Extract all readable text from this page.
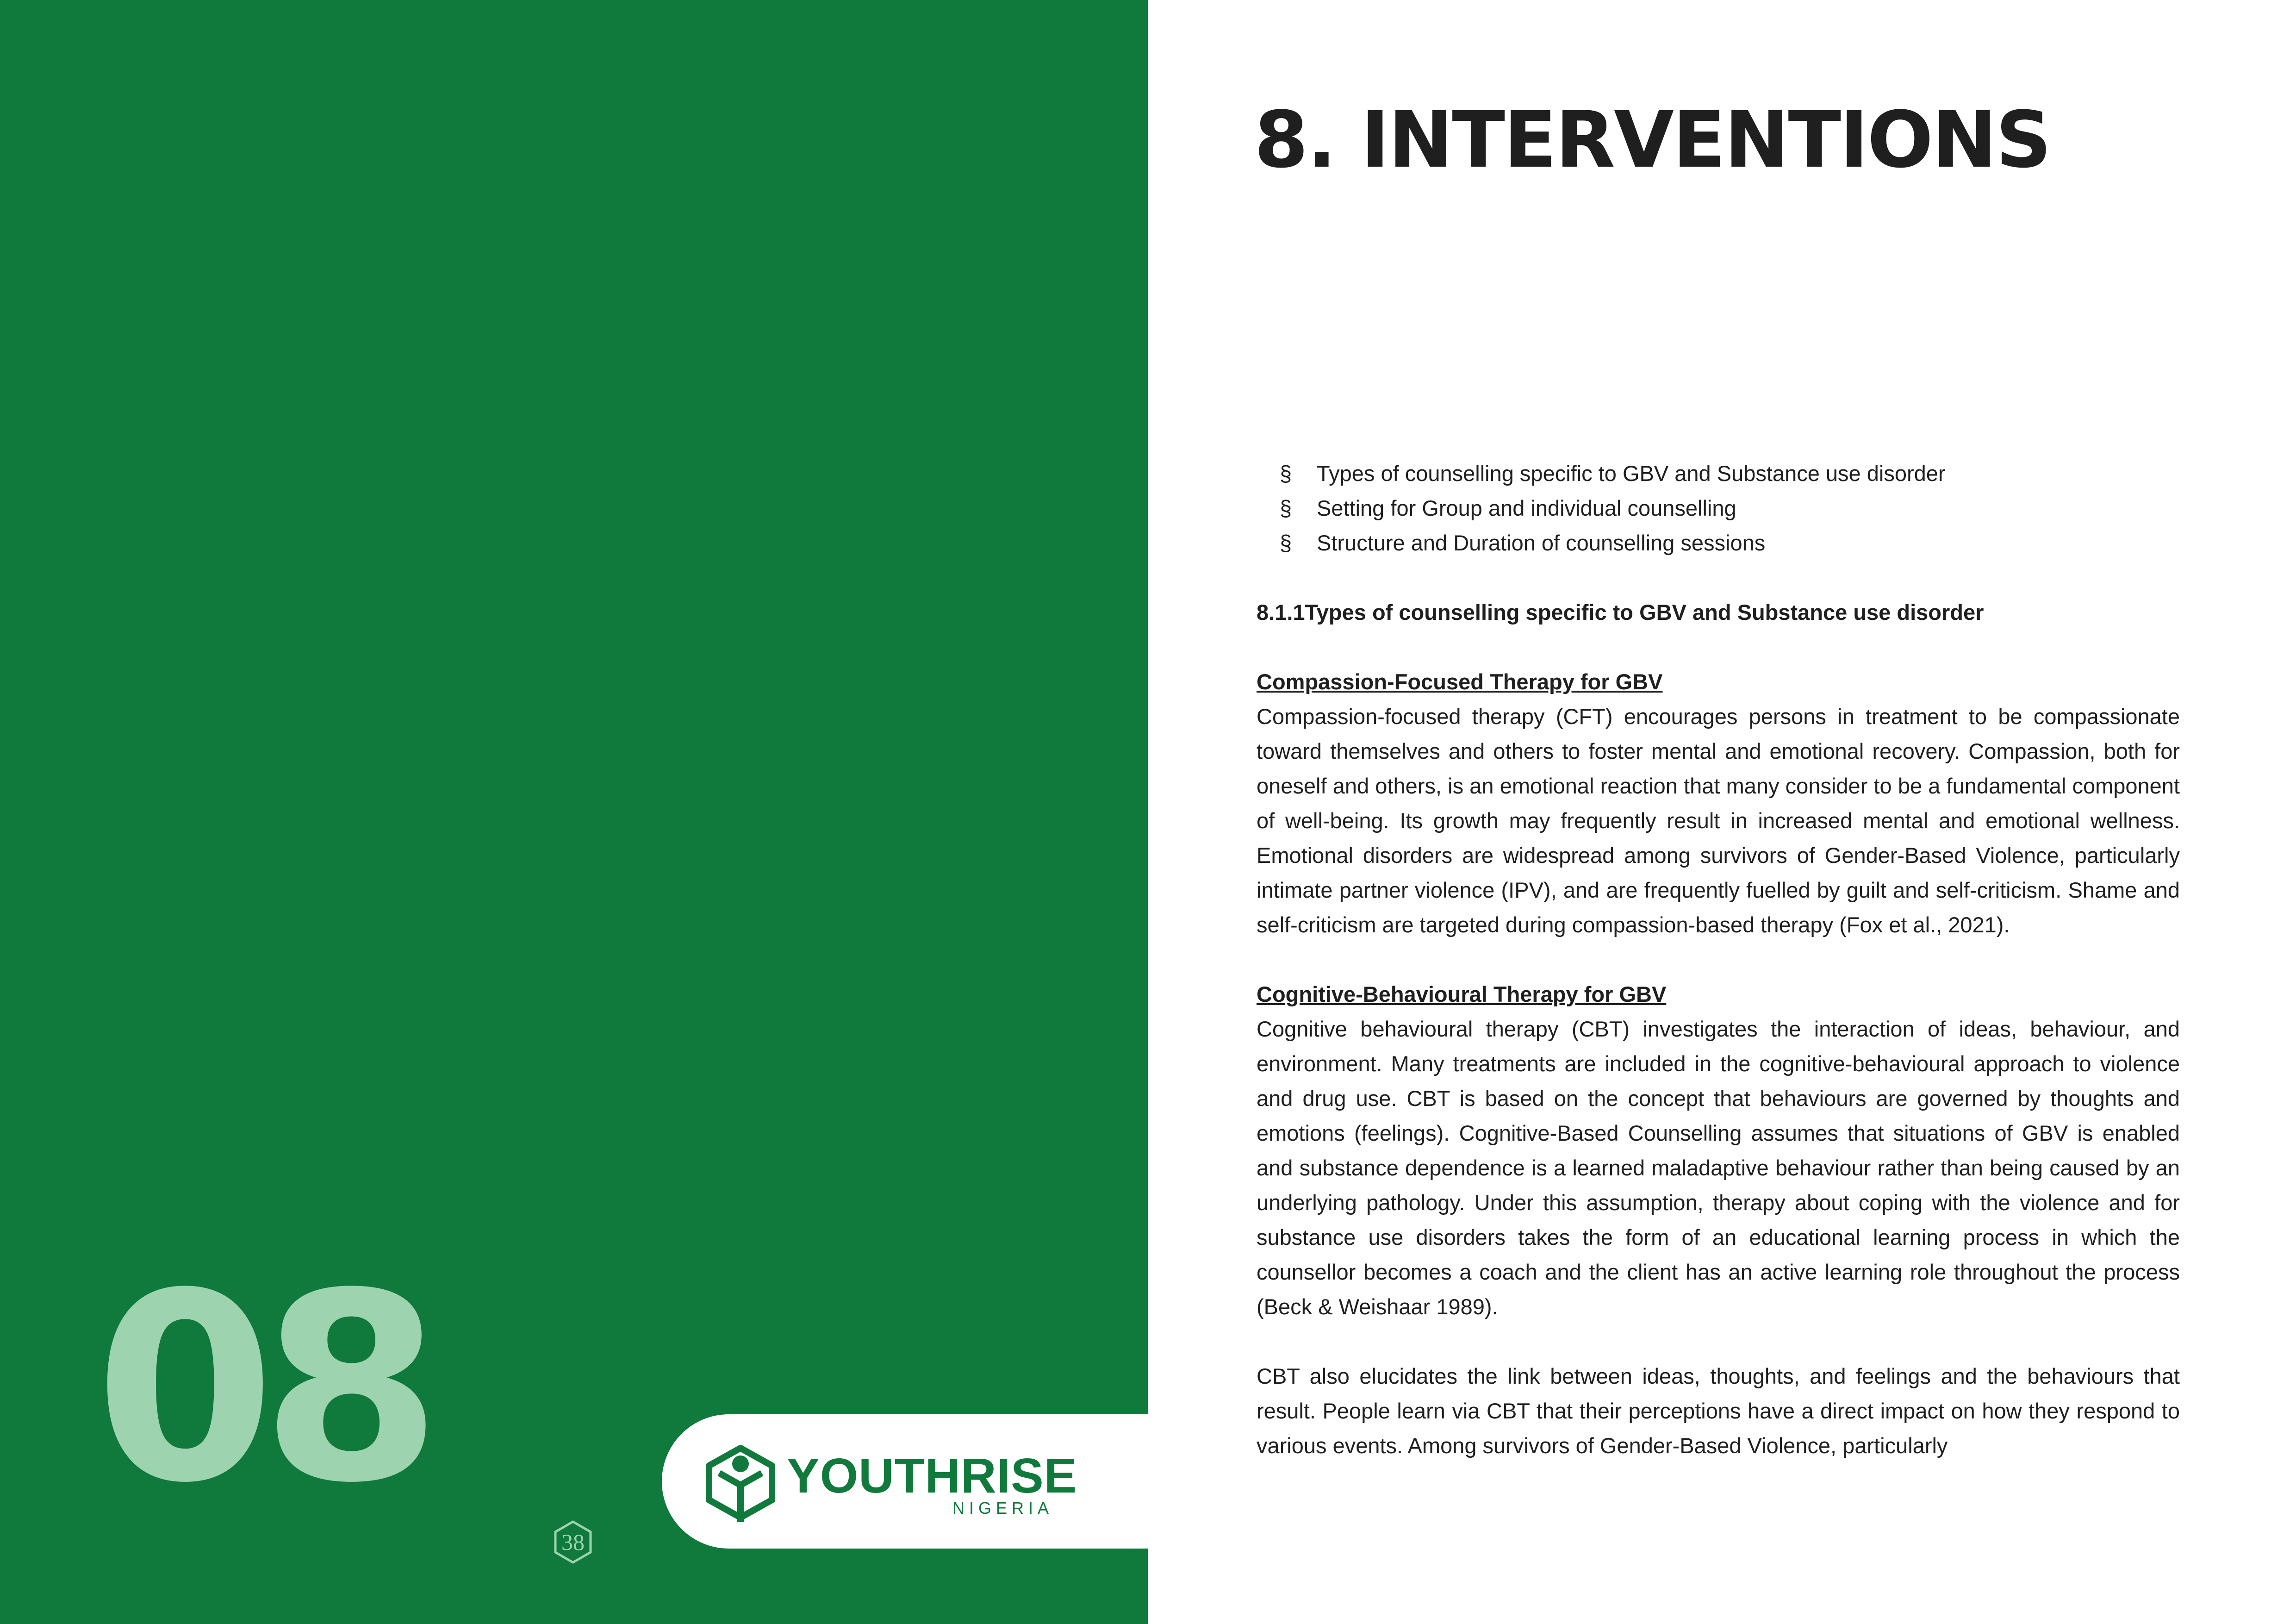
08	YOUTHRISE
NIGERIA
38
8. INTERVENTIONS
§ Types of counselling specific to GBV and Substance use disorder
§ Setting for Group and individual counselling
§ Structure and Duration of counselling sessions
8.1.1Types of counselling specific to GBV and Substance use disorder
Compassion-Focused Therapy for GBV

Compassion-focused therapy (CFT) encourages persons in treatment to be compassionate toward themselves and others to foster mental and emotional recovery. Compassion, both for oneself and others, is an emotional reaction that many consider to be a fundamental component of well-being. Its growth may frequently result in increased mental and emotional wellness. Emotional disorders are widespread among survivors of Gender-Based Violence, particularly intimate partner violence (IPV), and are frequently fuelled by guilt and self-criticism. Shame and self-criticism are targeted during compassion-based therapy (Fox et al., 2021).

Cognitive-Behavioural Therapy for GBV

Cognitive behavioural therapy (CBT) investigates the interaction of ideas, behaviour, and environment. Many treatments are included in the cognitive-behavioural approach to violence and drug use. CBT is based on the concept that behaviours are governed by thoughts and emotions (feelings). Cognitive-Based Counselling assumes that situations of GBV is enabled and substance dependence is a learned maladaptive behaviour rather than being caused by an underlying pathology. Under this assumption, therapy about coping with the violence and for substance use disorders takes the form of an educational learning process in which the counsellor becomes a coach and the client has an active learning role throughout the process (Beck & Weishaar 1989).

CBT also elucidates the link between ideas, thoughts, and feelings and the behaviours that result. People learn via CBT that their perceptions have a direct impact on how they respond to various events. Among survivors of Gender-Based Violence, particularly
